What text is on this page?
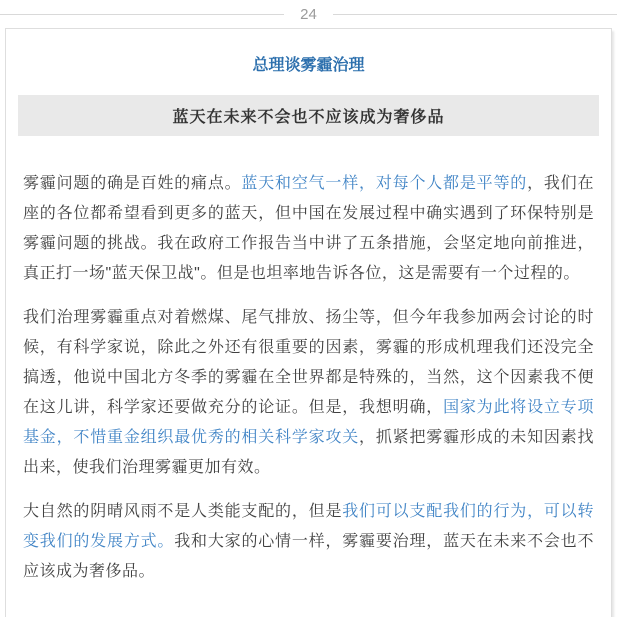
24
总理谈雾霾治理
蓝天在未来不会也不应该成为奢侈品

雾霾问题的确是百姓的痛点。蓝天和空气一样，对每个人都是平等的，我们在座的各位都希望看到更多的蓝天，但中国在发展过程中确实遇到了环保特别是雾霾问题的挑战。我在政府工作报告当中讲了五条措施，会坚定地向前推进，真正打一场"蓝天保卫战"。但是也坦率地告诉各位，这是需要有一个过程的。

我们治理雾霾重点对着燃煤、尾气排放、扬尘等，但今年我参加两会讨论的时候，有科学家说，除此之外还有很重要的因素，雾霾的形成机理我们还没完全搞透，他说中国北方冬季的雾霾在全世界都是特殊的，当然，这个因素我不便在这儿讲，科学家还要做充分的论证。但是，我想明确，国家为此将设立专项基金，不惜重金组织最优秀的相关科学家攻关，抓紧把雾霾形成的未知因素找出来，使我们治理雾霾更加有效。

大自然的阴晴风雨不是人类能支配的，但是我们可以支配我们的行为，可以转变我们的发展方式。我和大家的心情一样，雾霾要治理，蓝天在未来不会也不应该成为奢侈品。
